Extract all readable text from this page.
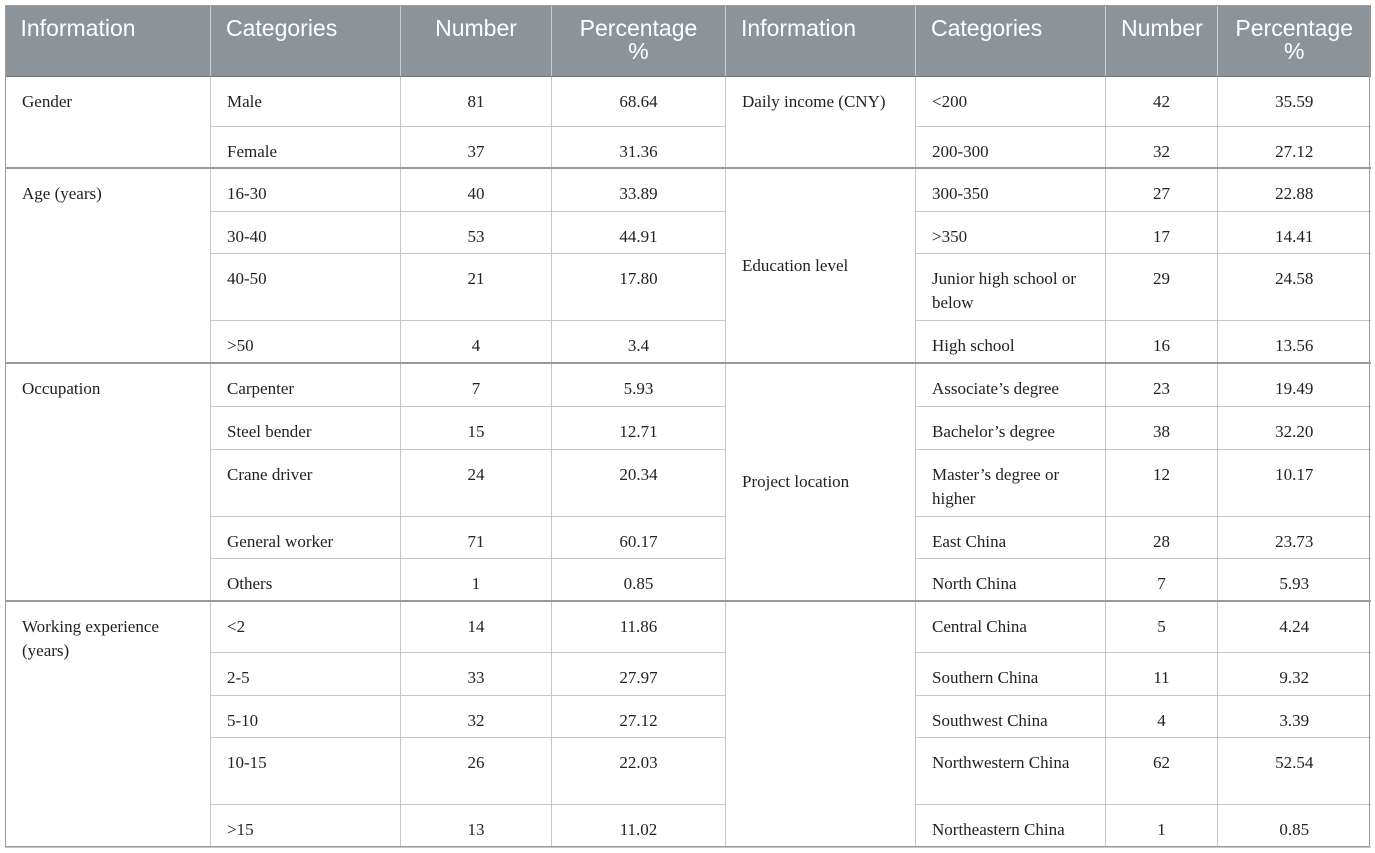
Information	Categories	Number	Percentage %	Information	Categories	Number	Percentage %
Gender	Male	81	68.64	Daily income (CNY)	<200	42	35.59
	Female	37	31.36		200-300	32	27.12
Age (years)	16-30	40	33.89	Education level	300-350	27	22.88
	30-40	53	44.91		>350	17	14.41
	40-50	21	17.80		Junior high school or below	29	24.58
	>50	4	3.4		High school	16	13.56
Occupation	Carpenter	7	5.93	Project location	Associate’s degree	23	19.49
	Steel bender	15	12.71		Bachelor’s degree	38	32.20
	Crane driver	24	20.34		Master’s degree or higher	12	10.17
	General worker	71	60.17		East China	28	23.73
	Others	1	0.85		North China	7	5.93
Working experience (years)	<2	14	11.86		Central China	5	4.24
	2-5	33	27.97		Southern China	11	9.32
	5-10	32	27.12		Southwest China	4	3.39
	10-15	26	22.03		Northwestern China	62	52.54
	>15	13	11.02		Northeastern China	1	0.85
